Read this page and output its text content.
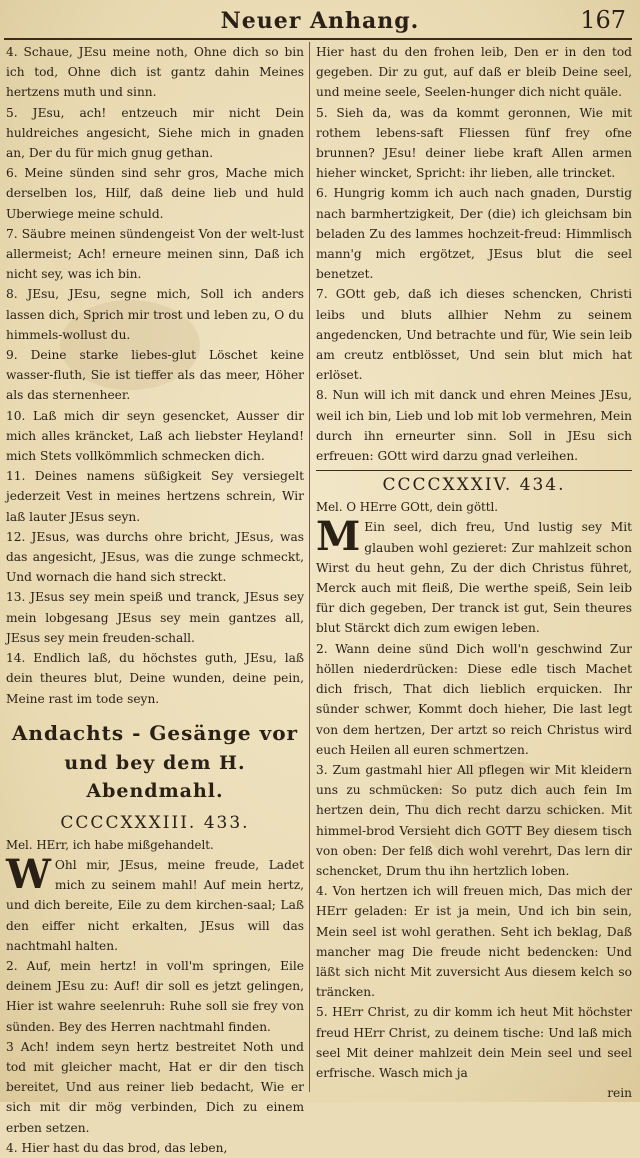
Neuer Anhang.	167

4. Schaue, JEsu meine noth, Ohne dich so bin ich tod, Ohne dich ist gantz dahin Meines hertzens muth und sinn.

5. JEsu, ach! entzeuch mir nicht Dein huldreiches angesicht, Siehe mich in gnaden an, Der du für mich gnug gethan.

6. Meine sünden sind sehr gros, Mache mich derselben los, Hilf, daß deine lieb und huld Uberwiege meine schuld.

7. Säubre meinen sündengeist Von der welt-lust allermeist; Ach! erneure meinen sinn, Daß ich nicht sey, was ich bin.

8. JEsu, JEsu, segne mich, Soll ich anders lassen dich, Sprich mir trost und leben zu, O du himmels-wollust du.

9. Deine starke liebes-glut Löschet keine wasser-fluth, Sie ist tieffer als das meer, Höher als das sternenheer.

10. Laß mich dir seyn gesencket, Ausser dir mich alles kräncket, Laß ach liebster Heyland! mich Stets vollkömmlich schmecken dich.

11. Deines namens süßigkeit Sey versiegelt jederzeit Vest in meines hertzens schrein, Wir laß lauter JEsus seyn.

12. JEsus, was durchs ohre bricht, JEsus, was das angesicht, JEsus, was die zunge schmeckt, Und wornach die hand sich streckt.

13. JEsus sey mein speiß und tranck, JEsus sey mein lobgesang JEsus sey mein gantzes all, JEsus sey mein freuden-schall.

14. Endlich laß, du höchstes guth, JEsu, laß dein theures blut, Deine wunden, deine pein, Meine rast im tode seyn.

Andachts - Gesänge vor
und bey dem H. Abendmahl.
CCCCXXXIII. 433.

Mel. HErr, ich habe mißgehandelt.

W Ohl mir, JEsus, meine freude, Ladet mich zu seinem mahl! Auf mein hertz, und dich bereite, Eile zu dem kirchen-saal; Laß den eiffer nicht erkalten, JEsus will das nachtmahl halten.

2. Auf, mein hertz! in voll'm springen, Eile deinem JEsu zu: Auf! dir soll es jetzt gelingen, Hier ist wahre seelenruh: Ruhe soll sie frey von sünden. Bey des Herren nachtmahl finden.

3 Ach! indem seyn hertz bestreitet Noth und tod mit gleicher macht, Hat er dir den tisch bereitet, Und aus reiner lieb bedacht, Wie er sich mit dir mög verbinden, Dich zu einem erben setzen.

4. Hier hast du das brod, das leben,

Hier hast du den frohen leib, Den er in den tod gegeben. Dir zu gut, auf daß er bleib Deine seel, und meine seele, Seelen-hunger dich nicht quäle.

5. Sieh da, was da kommt geronnen, Wie mit rothem lebens-saft Fliessen fünf frey ofne brunnen? JEsu! deiner liebe kraft Allen armen hieher wincket, Spricht: ihr lieben, alle trincket.

6. Hungrig komm ich auch nach gnaden, Durstig nach barmhertzigkeit, Der (die) ich gleichsam bin beladen Zu des lammes hochzeit-freud: Himmlisch mann'g mich ergötzet, JEsus blut die seel benetzet.

7. GOtt geb, daß ich dieses schencken, Christi leibs und bluts allhier Nehm zu seinem angedencken, Und betrachte und für, Wie sein leib am creutz entblösset, Und sein blut mich hat erlöset.

8. Nun will ich mit danck und ehren Meines JEsu, weil ich bin, Lieb und lob mit lob vermehren, Mein durch ihn erneurter sinn. Soll in JEsu sich erfreuen: GOtt wird darzu gnad verleihen.

CCCCXXXIV. 434.

Mel. O HErre GOtt, dein göttl.

M Ein seel, dich freu, Und lustig sey Mit glauben wohl gezieret: Zur mahlzeit schon Wirst du heut gehn, Zu der dich Christus führet, Merck auch mit fleiß, Die werthe speiß, Sein leib für dich gegeben, Der tranck ist gut, Sein theures blut Stärckt dich zum ewigen leben.

2. Wann deine sünd Dich woll'n geschwind Zur höllen niederdrücken: Diese edle tisch Machet dich frisch, That dich lieblich erquicken. Ihr sünder schwer, Kommt doch hieher, Die last legt von dem hertzen, Der artzt so reich Christus wird euch Heilen all euren schmertzen.

3. Zum gastmahl hier All pflegen wir Mit kleidern uns zu schmücken: So putz dich auch fein Im hertzen dein, Thu dich recht darzu schicken. Mit himmel-brod Versieht dich GOTT Bey diesem tisch von oben: Der felß dich wohl verehrt, Das lern dir schencket, Drum thu ihn hertzlich loben.

4. Von hertzen ich will freuen mich, Das mich der HErr geladen: Er ist ja mein, Und ich bin sein, Mein seel ist wohl gerathen. Seht ich beklag, Daß mancher mag Die freude nicht bedencken: Und läßt sich nicht Mit zuversicht Aus diesem kelch so träncken.

5. HErr Christ, zu dir komm ich heut Mit höchster freud HErr Christ, zu deinem tische: Und laß mich seel Mit deiner mahlzeit dein Mein seel und seel erfrische. Wasch mich ja

rein
